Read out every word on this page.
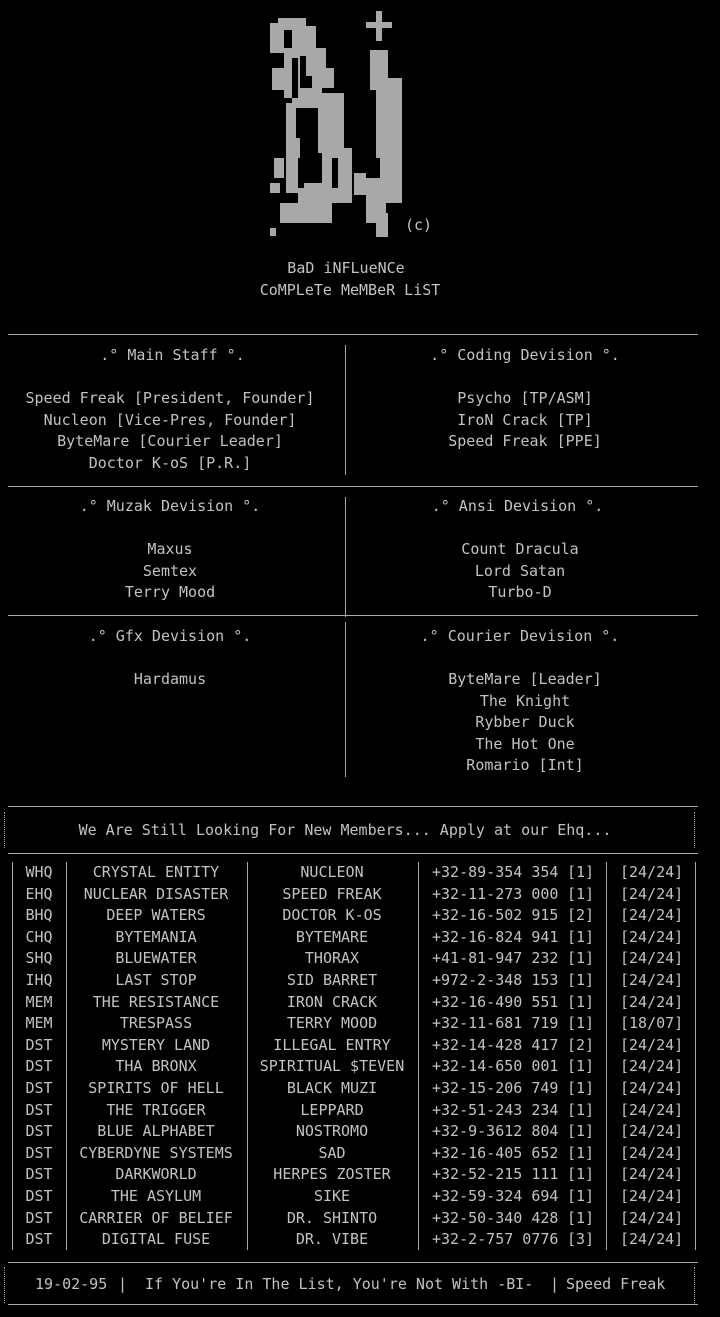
(c)
BaD iNFLueNCe
CoMPLeTe MeMBeR LiST
.° Main Staff °.
Speed Freak [President, Founder]
Nucleon [Vice-Pres, Founder]
ByteMare [Courier Leader]
Doctor K-oS [P.R.]
.° Coding Devision °.
Psycho [TP/ASM]
IroN Crack [TP]
Speed Freak [PPE]
.° Muzak Devision °.
Maxus
Semtex
Terry Mood
.° Ansi Devision °.
Count Dracula
Lord Satan
Turbo-D
.° Gfx Devision °.
Hardamus
.° Courier Devision °.
ByteMare [Leader]
The Knight
Rybber Duck
The Hot One
Romario [Int]
We Are Still Looking For New Members... Apply at our Ehq...
WHQ	CRYSTAL ENTITY	NUCLEON	+32-89-354 354 [1] [24/24]
EHQ	NUCLEAR DISASTER	SPEED FREAK	+32-11-273 000 [1] [24/24]
BHQ	DEEP WATERS	DOCTOR K-OS	+32-16-502 915 [2] [24/24]
CHQ	BYTEMANIA	BYTEMARE	+32-16-824 941 [1] [24/24]
SHQ	BLUEWATER	THORAX	+41-81-947 232 [1] [24/24]
IHQ	LAST STOP	SID BARRET	+972-2-348 153 [1] [24/24]
MEM	THE RESISTANCE	IRON CRACK	+32-16-490 551 [1] [24/24]
MEM	TRESPASS	TERRY MOOD	+32-11-681 719 [1] [18/07]
DST	MYSTERY LAND	ILLEGAL ENTRY	+32-14-428 417 [2] [24/24]
DST	THA BRONX	SPIRITUAL $TEVEN	+32-14-650 001 [1] [24/24]
DST	SPIRITS OF HELL	BLACK MUZI	+32-15-206 749 [1] [24/24]
DST	THE TRIGGER	LEPPARD	+32-51-243 234 [1] [24/24]
DST	BLUE ALPHABET	NOSTROMO	+32-9-3612 804 [1] [24/24]
DST	CYBERDYNE SYSTEMS	SAD	+32-16-405 652 [1] [24/24]
DST	DARKWORLD	HERPES ZOSTER	+32-52-215 111 [1] [24/24]
DST	THE ASYLUM	SIKE	+32-59-324 694 [1] [24/24]
DST	CARRIER OF BELIEF	DR. SHINTO	+32-50-340 428 [1] [24/24]
DST	DIGITAL FUSE	DR. VIBE	+32-2-757 0776 [3] [24/24]
19-02-95 | If You're In The List, You're Not With -BI- | Speed Freak
